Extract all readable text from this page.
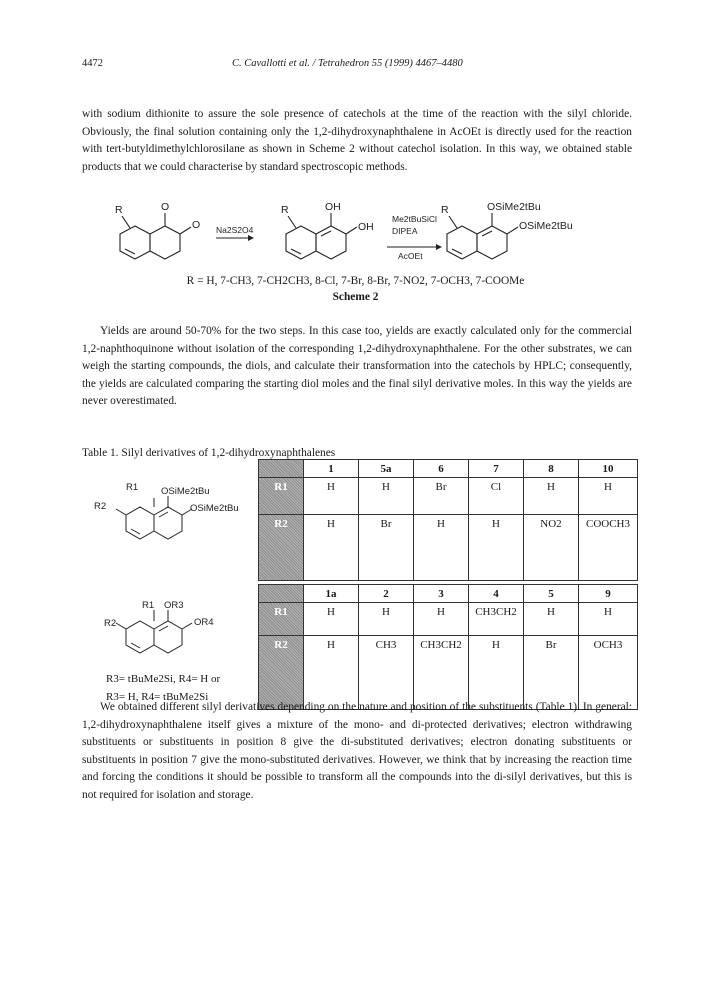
4472	C. Cavallotti et al. / Tetrahedron 55 (1999) 4467–4480
with sodium dithionite to assure the sole presence of catechols at the time of the reaction with the silyl chloride. Obviously, the final solution containing only the 1,2-dihydroxynaphthalene in AcOEt is directly used for the reaction with tert-butyldimethylchlorosilane as shown in Scheme 2 without catechol isolation. In this way, we obtained stable products that we could characterise by standard spectroscopic methods.
R	O
O
R	OH
OH
R	OSiMe2tBu
OSiMe2tBu
Na2S2O4
Me2tBuSiCl
DIPEA
AcOEt
R = H, 7-CH3, 7-CH2CH3, 8-Cl, 7-Br, 8-Br, 7-NO2, 7-OCH3, 7-COOMe
Scheme 2
Yields are around 50-70% for the two steps. In this case too, yields are exactly calculated only for the commercial 1,2-naphthoquinone without isolation of the corresponding 1,2-dihydroxynaphthalene. For the other substrates, we can weigh the starting compounds, the diols, and calculate their transformation into the catechols by HPLC; consequently, the yields are calculated comparing the starting diol moles and the final silyl derivative moles. In this way the yields are never overestimated.
Table 1. Silyl derivatives of 1,2-dihydroxynaphthalenes
R1
R2
OSiMe2tBu
OSiMe2tBu
R1
R2
OR3
OR4
R3= tBuMe2Si, R4= H or
R3= H, R4= tBuMe2Si
	1	5a	6	7	8	10
R1	H	H	Br	Cl	H	H
R2	H	Br	H	H	NO2	COOCH3
	1a	2	3	4	5	9
R1	H	H	H	CH3CH2	H	H
R2	H	CH3	CH3CH2	H	Br	OCH3
We obtained different silyl derivatives depending on the nature and position of the substituents (Table 1). In general: 1,2-dihydroxynaphthalene itself gives a mixture of the mono- and di-protected derivatives; electron withdrawing substituents or substituents in position 8 give the di-substituted derivatives; electron donating substituents or substituents in position 7 give the mono-substituted derivatives. However, we think that by increasing the reaction time and forcing the conditions it should be possible to transform all the compounds into the di-silyl derivatives, but this is not required for isolation and storage.
